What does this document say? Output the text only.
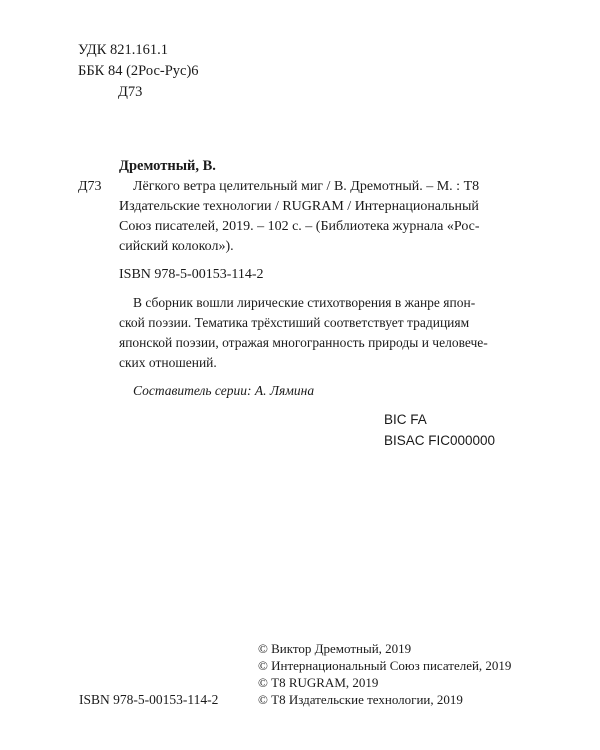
УДК 821.161.1
ББК 84 (2Рос-Рус)6
Д73
Дремотный, В.
Д73 Лёгкого ветра целительный миг / В. Дремотный. – М. : Т8
Издательские технологии / RUGRAM / Интернациональный
Союз писателей, 2019. – 102 с. – (Библиотека журнала «Рос-
сийский колокол»).
ISBN 978-5-00153-114-2
В сборник вошли лирические стихотворения в жанре япон-
ской поэзии. Тематика трёхстиший соответствует традициям
японской поэзии, отражая многогранность природы и человече-
ских отношений.
Составитель серии: А. Лямина
BIC FA
BISAC FIC000000
ISBN 978-5-00153-114-2
© Виктор Дремотный, 2019
© Интернациональный Союз писателей, 2019
© Т8 RUGRAM, 2019
© Т8 Издательские технологии, 2019
